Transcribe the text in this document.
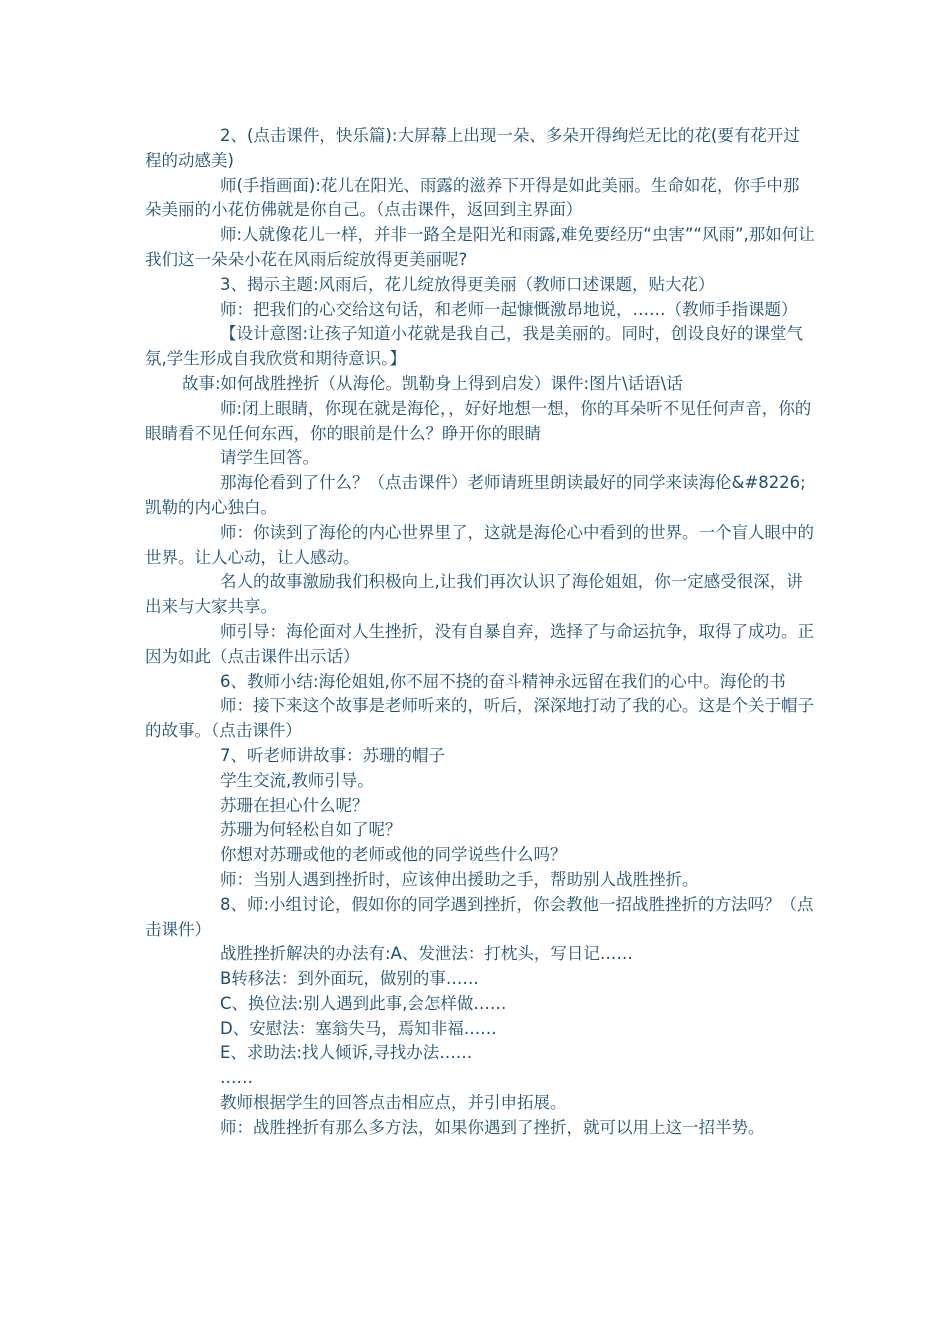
2、(点击课件，快乐篇):大屏幕上出现一朵、多朵开得绚烂无比的花(要有花开过程的动感美)

师(手指画面):花儿在阳光、雨露的滋养下开得是如此美丽。生命如花，你手中那朵美丽的小花仿佛就是你自己。（点击课件，返回到主界面）

师:人就像花儿一样，并非一路全是阳光和雨露,难免要经历“虫害”“风雨”,那如何让我们这一朵朵小花在风雨后绽放得更美丽呢?

3、揭示主题:风雨后，花儿绽放得更美丽（教师口述课题，贴大花）

师：把我们的心交给这句话，和老师一起慷慨激昂地说，……（教师手指课题）

【设计意图:让孩子知道小花就是我自己，我是美丽的。同时，创设良好的课堂气氛,学生形成自我欣赏和期待意识。】

故事:如何战胜挫折（从海伦。凯勒身上得到启发）课件:图片\话语\话

师:闭上眼睛，你现在就是海伦，，好好地想一想，你的耳朵听不见任何声音，你的眼睛看不见任何东西，你的眼前是什么？睁开你的眼睛

请学生回答。

那海伦看到了什么？（点击课件）老师请班里朗读最好的同学来读海伦&#8226;凯勒的内心独白。

师：你读到了海伦的内心世界里了，这就是海伦心中看到的世界。一个盲人眼中的世界。让人心动，让人感动。

名人的故事激励我们积极向上,让我们再次认识了海伦姐姐，你一定感受很深，讲出来与大家共享。

师引导：海伦面对人生挫折，没有自暴自弃，选择了与命运抗争，取得了成功。正因为如此（点击课件出示话）

6、教师小结:海伦姐姐,你不屈不挠的奋斗精神永远留在我们的心中。海伦的书

师：接下来这个故事是老师听来的，听后，深深地打动了我的心。这是个关于帽子的故事。（点击课件）

7、听老师讲故事：苏珊的帽子

学生交流,教师引导。

苏珊在担心什么呢？

苏珊为何轻松自如了呢？

你想对苏珊或他的老师或他的同学说些什么吗？

师：当别人遇到挫折时，应该伸出援助之手，帮助别人战胜挫折。

8、师:小组讨论，假如你的同学遇到挫折，你会教他一招战胜挫折的方法吗？（点击课件）

战胜挫折解决的办法有:A、发泄法：打枕头，写日记……

B转移法：到外面玩，做别的事……

C、换位法:别人遇到此事,会怎样做……

D、安慰法：塞翁失马，焉知非福……

E、求助法:找人倾诉,寻找办法……

……

教师根据学生的回答点击相应点，并引申拓展。

师：战胜挫折有那么多方法，如果你遇到了挫折，就可以用上这一招半势。
